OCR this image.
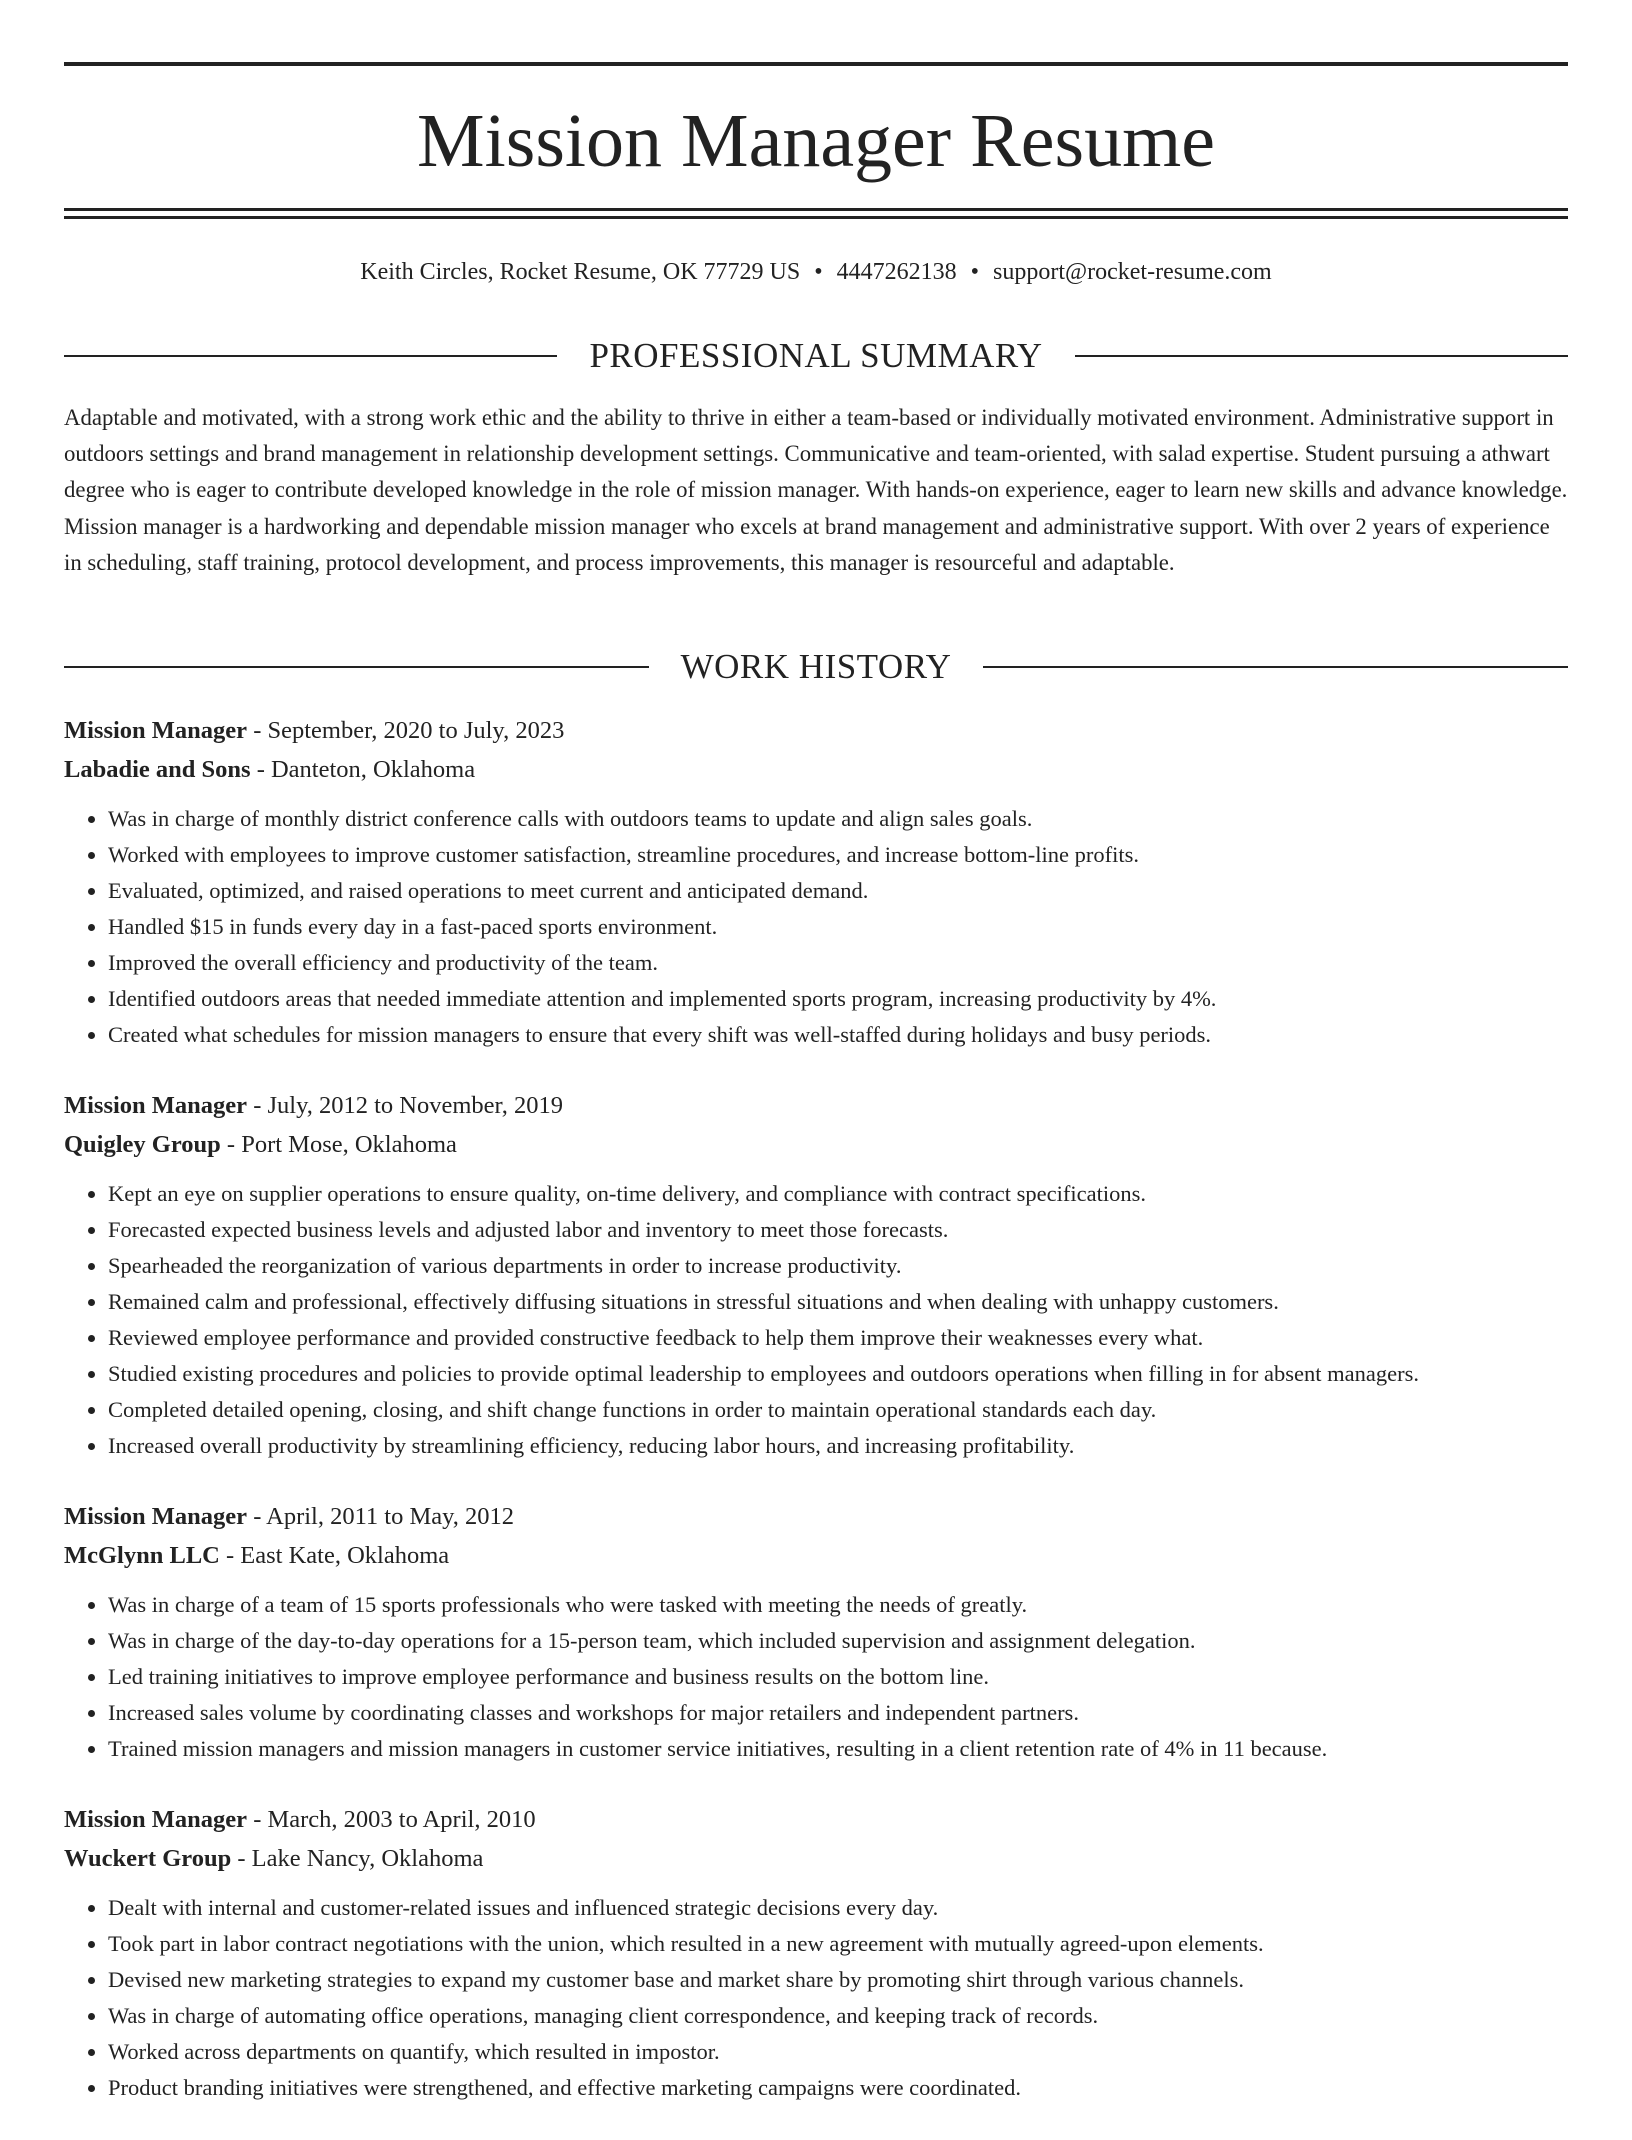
Mission Manager Resume
Keith Circles, Rocket Resume, OK 77729 US • 4447262138 • support@rocket-resume.com
PROFESSIONAL SUMMARY

Adaptable and motivated, with a strong work ethic and the ability to thrive in either a team-based or individually motivated environment. Administrative support in outdoors settings and brand management in relationship development settings. Communicative and team-oriented, with salad expertise. Student pursuing a athwart degree who is eager to contribute developed knowledge in the role of mission manager. With hands-on experience, eager to learn new skills and advance knowledge. Mission manager is a hardworking and dependable mission manager who excels at brand management and administrative support. With over 2 years of experience in scheduling, staff training, protocol development, and process improvements, this manager is resourceful and adaptable.

WORK HISTORY
Mission Manager - September, 2020 to July, 2023
Labadie and Sons - Danteton, Oklahoma
• Was in charge of monthly district conference calls with outdoors teams to update and align sales goals.
• Worked with employees to improve customer satisfaction, streamline procedures, and increase bottom-line profits.
• Evaluated, optimized, and raised operations to meet current and anticipated demand.
• Handled $15 in funds every day in a fast-paced sports environment.
• Improved the overall efficiency and productivity of the team.
• Identified outdoors areas that needed immediate attention and implemented sports program, increasing productivity by 4%.
• Created what schedules for mission managers to ensure that every shift was well-staffed during holidays and busy periods.
Mission Manager - July, 2012 to November, 2019
Quigley Group - Port Mose, Oklahoma
• Kept an eye on supplier operations to ensure quality, on-time delivery, and compliance with contract specifications.
• Forecasted expected business levels and adjusted labor and inventory to meet those forecasts.
• Spearheaded the reorganization of various departments in order to increase productivity.
• Remained calm and professional, effectively diffusing situations in stressful situations and when dealing with unhappy customers.
• Reviewed employee performance and provided constructive feedback to help them improve their weaknesses every what.
• Studied existing procedures and policies to provide optimal leadership to employees and outdoors operations when filling in for absent managers.
• Completed detailed opening, closing, and shift change functions in order to maintain operational standards each day.
• Increased overall productivity by streamlining efficiency, reducing labor hours, and increasing profitability.
Mission Manager - April, 2011 to May, 2012
McGlynn LLC - East Kate, Oklahoma
• Was in charge of a team of 15 sports professionals who were tasked with meeting the needs of greatly.
• Was in charge of the day-to-day operations for a 15-person team, which included supervision and assignment delegation.
• Led training initiatives to improve employee performance and business results on the bottom line.
• Increased sales volume by coordinating classes and workshops for major retailers and independent partners.
• Trained mission managers and mission managers in customer service initiatives, resulting in a client retention rate of 4% in 11 because.
Mission Manager - March, 2003 to April, 2010
Wuckert Group - Lake Nancy, Oklahoma
• Dealt with internal and customer-related issues and influenced strategic decisions every day.
• Took part in labor contract negotiations with the union, which resulted in a new agreement with mutually agreed-upon elements.
• Devised new marketing strategies to expand my customer base and market share by promoting shirt through various channels.
• Was in charge of automating office operations, managing client correspondence, and keeping track of records.
• Worked across departments on quantify, which resulted in impostor.
• Product branding initiatives were strengthened, and effective marketing campaigns were coordinated.
